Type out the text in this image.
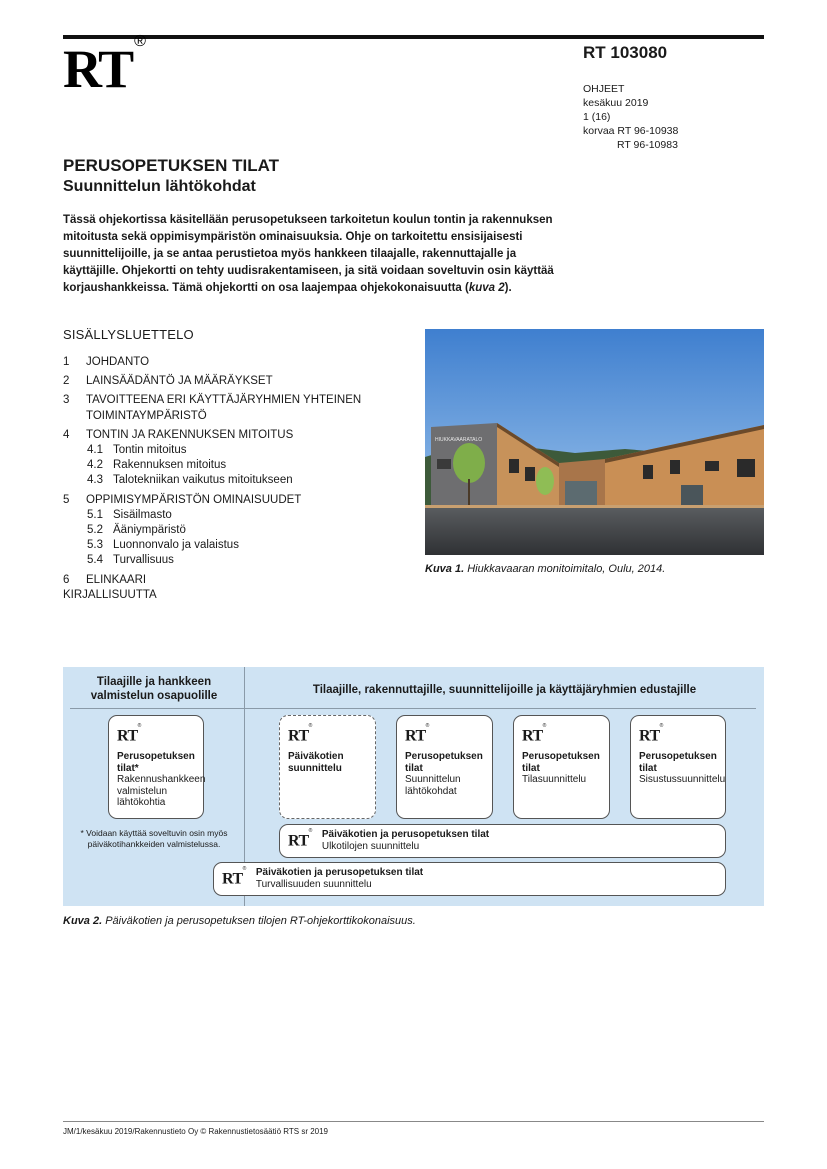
RT ®
RT 103080
OHJEET
kesäkuu 2019
1 (16)
korvaa RT 96-10938
RT 96-10983
PERUSOPETUKSEN TILAT
Suunnittelun lähtökohdat

Tässä ohjekortissa käsitellään perusopetukseen tarkoitetun koulun tontin ja rakennuksen mitoitusta sekä oppimisympäristön ominaisuuksia. Ohje on tarkoitettu ensisijaisesti suunnittelijoille, ja se antaa perustietoa myös hankkeen tilaajalle, rakennuttajalle ja käyttäjille. Ohjekortti on tehty uudisrakentamiseen, ja sitä voidaan soveltuvin osin käyttää korjaushankkeissa. Tämä ohjekortti on osa laajempaa ohjekokonaisuutta (kuva 2).

SISÄLLYSLUETTELO
1	JOHDANTO
2	LAINSÄÄDÄNTÖ JA MÄÄRÄYKSET
3	TAVOITTEENA ERI KÄYTTÄJÄRYHMIEN YHTEINEN
TOIMINTAYMPÄRISTÖ
4	TONTIN JA RAKENNUKSEN MITOITUS
4.1 Tontin mitoitus
4.2 Rakennuksen mitoitus
4.3 Talotekniikan vaikutus mitoitukseen
5	OPPIMISYMPÄRISTÖN OMINAISUUDET
5.1 Sisäilmasto
5.2 Ääniympäristö
5.3 Luonnonvalo ja valaistus
5.4 Turvallisuus
6	ELINKAARI
KIRJALLISUUTTA
HIUKKAVAARATALO
Kuva 1. Hiukkavaaran monitoimitalo, Oulu, 2014.
Tilaajille ja hankkeen
valmistelun osapuolille	Tilaajille, rakennuttajille, suunnittelijoille ja käyttäjäryhmien edustajille
RT®
Perusopetuksen
tilat*
Rakennushankkeen
valmistelun
lähtökohtia
RT®
Päiväkotien
suunnittelu
RT®
Perusopetuksen
tilat
Suunnittelun
lähtökohdat
RT®
Perusopetuksen
tilat
Tilasuunnittelu
RT®
Perusopetuksen
tilat
Sisustussuunnittelu
RT®	Päiväkotien ja perusopetuksen tilat
Ulkotilojen suunnittelu
RT®	Päiväkotien ja perusopetuksen tilat
Turvallisuuden suunnittelu
* Voidaan käyttää soveltuvin osin myös
päiväkotihankkeiden valmistelussa.
Kuva 2. Päiväkotien ja perusopetuksen tilojen RT-ohjekorttikokonaisuus.
JM/1/kesäkuu 2019/Rakennustieto Oy © Rakennustietosäätiö RTS sr 2019
